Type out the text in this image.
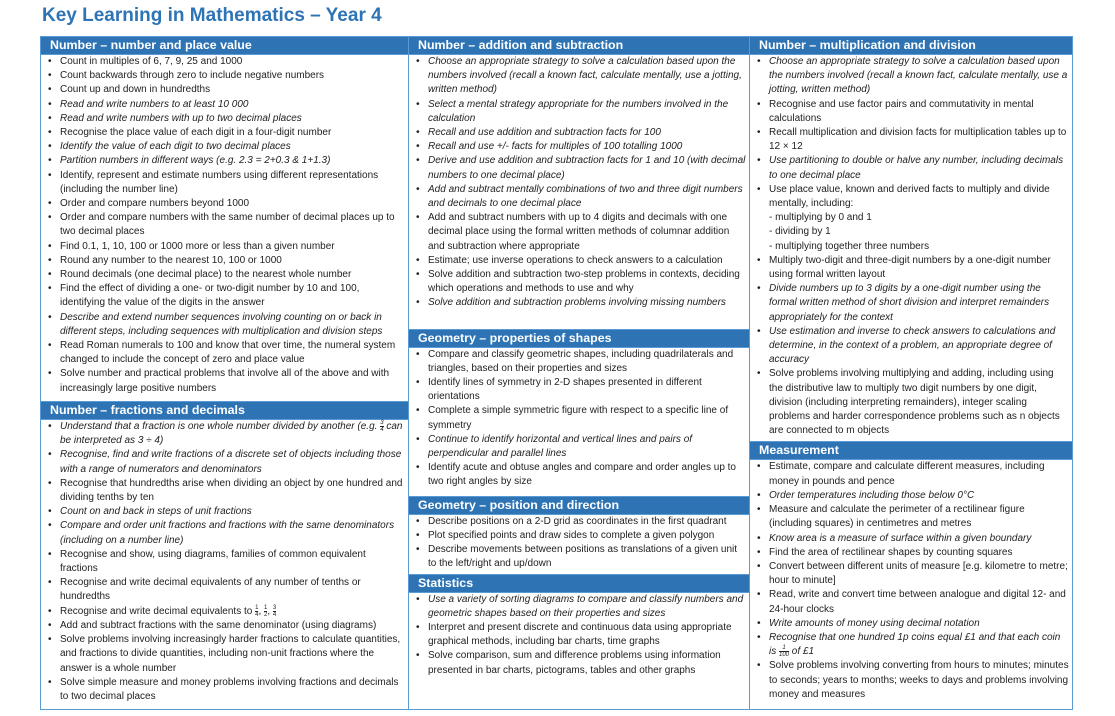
Key Learning in Mathematics – Year 4
Number – number and place value
• Count in multiples of 6, 7, 9, 25 and 1000
• Count backwards through zero to include negative numbers
• Count up and down in hundredths
• Read and write numbers to at least 10 000
• Read and write numbers with up to two decimal places
• Recognise the place value of each digit in a four-digit number
• Identify the value of each digit to two decimal places
• Partition numbers in different ways (e.g. 2.3 = 2+0.3 & 1+1.3)
• Identify, represent and estimate numbers using different representations (including the number line)
• Order and compare numbers beyond 1000
• Order and compare numbers with the same number of decimal places up to two decimal places
• Find 0.1, 1, 10, 100 or 1000 more or less than a given number
• Round any number to the nearest 10, 100 or 1000
• Round decimals (one decimal place) to the nearest whole number
• Find the effect of dividing a one- or two-digit number by 10 and 100, identifying the value of the digits in the answer
• Describe and extend number sequences involving counting on or back in different steps, including sequences with multiplication and division steps
• Read Roman numerals to 100 and know that over time, the numeral system changed to include the concept of zero and place value
• Solve number and practical problems that involve all of the above and with increasingly large positive numbers
Number – fractions and decimals
• Understand that a fraction is one whole number divided by another (e.g. $\frac{3}{4}$ can be interpreted as 3 ÷ 4)
• Recognise, find and write fractions of a discrete set of objects including those with a range of numerators and denominators
• Recognise that hundredths arise when dividing an object by one hundred and dividing tenths by ten
• Count on and back in steps of unit fractions
• Compare and order unit fractions and fractions with the same denominators (including on a number line)
• Recognise and show, using diagrams, families of common equivalent fractions
• Recognise and write decimal equivalents of any number of tenths or hundredths
• Recognise and write decimal equivalents to $\frac{1}{4}$ , $\frac{1}{2}$ , $\frac{3}{4}$
• Add and subtract fractions with the same denominator (using diagrams)
• Solve problems involving increasingly harder fractions to calculate quantities, and fractions to divide quantities, including non-unit fractions where the answer is a whole number
• Solve simple measure and money problems involving fractions and decimals to two decimal places
Number – addition and subtraction
• Choose an appropriate strategy to solve a calculation based upon the numbers involved (recall a known fact, calculate mentally, use a jotting, written method)
• Select a mental strategy appropriate for the numbers involved in the calculation
• Recall and use addition and subtraction facts for 100
• Recall and use +/- facts for multiples of 100 totalling 1000
• Derive and use addition and subtraction facts for 1 and 10 (with decimal numbers to one decimal place)
• Add and subtract mentally combinations of two and three digit numbers and decimals to one decimal place
• Add and subtract numbers with up to 4 digits and decimals with one decimal place using the formal written methods of columnar addition and subtraction where appropriate
• Estimate; use inverse operations to check answers to a calculation
• Solve addition and subtraction two-step problems in contexts, deciding which operations and methods to use and why
• Solve addition and subtraction problems involving missing numbers
Geometry – properties of shapes
• Compare and classify geometric shapes, including quadrilaterals and triangles, based on their properties and sizes
• Identify lines of symmetry in 2-D shapes presented in different orientations
• Complete a simple symmetric figure with respect to a specific line of symmetry
• Continue to identify horizontal and vertical lines and pairs of perpendicular and parallel lines
• Identify acute and obtuse angles and compare and order angles up to two right angles by size
Geometry – position and direction
• Describe positions on a 2-D grid as coordinates in the first quadrant
• Plot specified points and draw sides to complete a given polygon
• Describe movements between positions as translations of a given unit to the left/right and up/down
Statistics
• Use a variety of sorting diagrams to compare and classify numbers and geometric shapes based on their properties and sizes
• Interpret and present discrete and continuous data using appropriate graphical methods, including bar charts, time graphs
• Solve comparison, sum and difference problems using information presented in bar charts, pictograms, tables and other graphs
Number – multiplication and division
• Choose an appropriate strategy to solve a calculation based upon the numbers involved (recall a known fact, calculate mentally, use a jotting, written method)
• Recognise and use factor pairs and commutativity in mental calculations
• Recall multiplication and division facts for multiplication tables up to 12 × 12
• Use partitioning to double or halve any number, including decimals to one decimal place
• Use place value, known and derived facts to multiply and divide mentally, including:
- multiplying by 0 and 1
- dividing by 1
- multiplying together three numbers
• Multiply two-digit and three-digit numbers by a one-digit number using formal written layout
• Divide numbers up to 3 digits by a one-digit number using the formal written method of short division and interpret remainders appropriately for the context
• Use estimation and inverse to check answers to calculations and determine, in the context of a problem, an appropriate degree of accuracy
• Solve problems involving multiplying and adding, including using the distributive law to multiply two digit numbers by one digit, division (including interpreting remainders), integer scaling problems and harder correspondence problems such as n objects are connected to m objects
Measurement
• Estimate, compare and calculate different measures, including money in pounds and pence
• Order temperatures including those below 0°C
• Measure and calculate the perimeter of a rectilinear figure (including squares) in centimetres and metres
• Know area is a measure of surface within a given boundary
• Find the area of rectilinear shapes by counting squares
• Convert between different units of measure [e.g. kilometre to metre; hour to minute]
• Read, write and convert time between analogue and digital 12- and 24-hour clocks
• Write amounts of money using decimal notation
• Recognise that one hundred 1p coins equal £1 and that each coin is $\frac{1}{100}$ of £1
• Solve problems involving converting from hours to minutes; minutes to seconds; years to months; weeks to days and problems involving money and measures
